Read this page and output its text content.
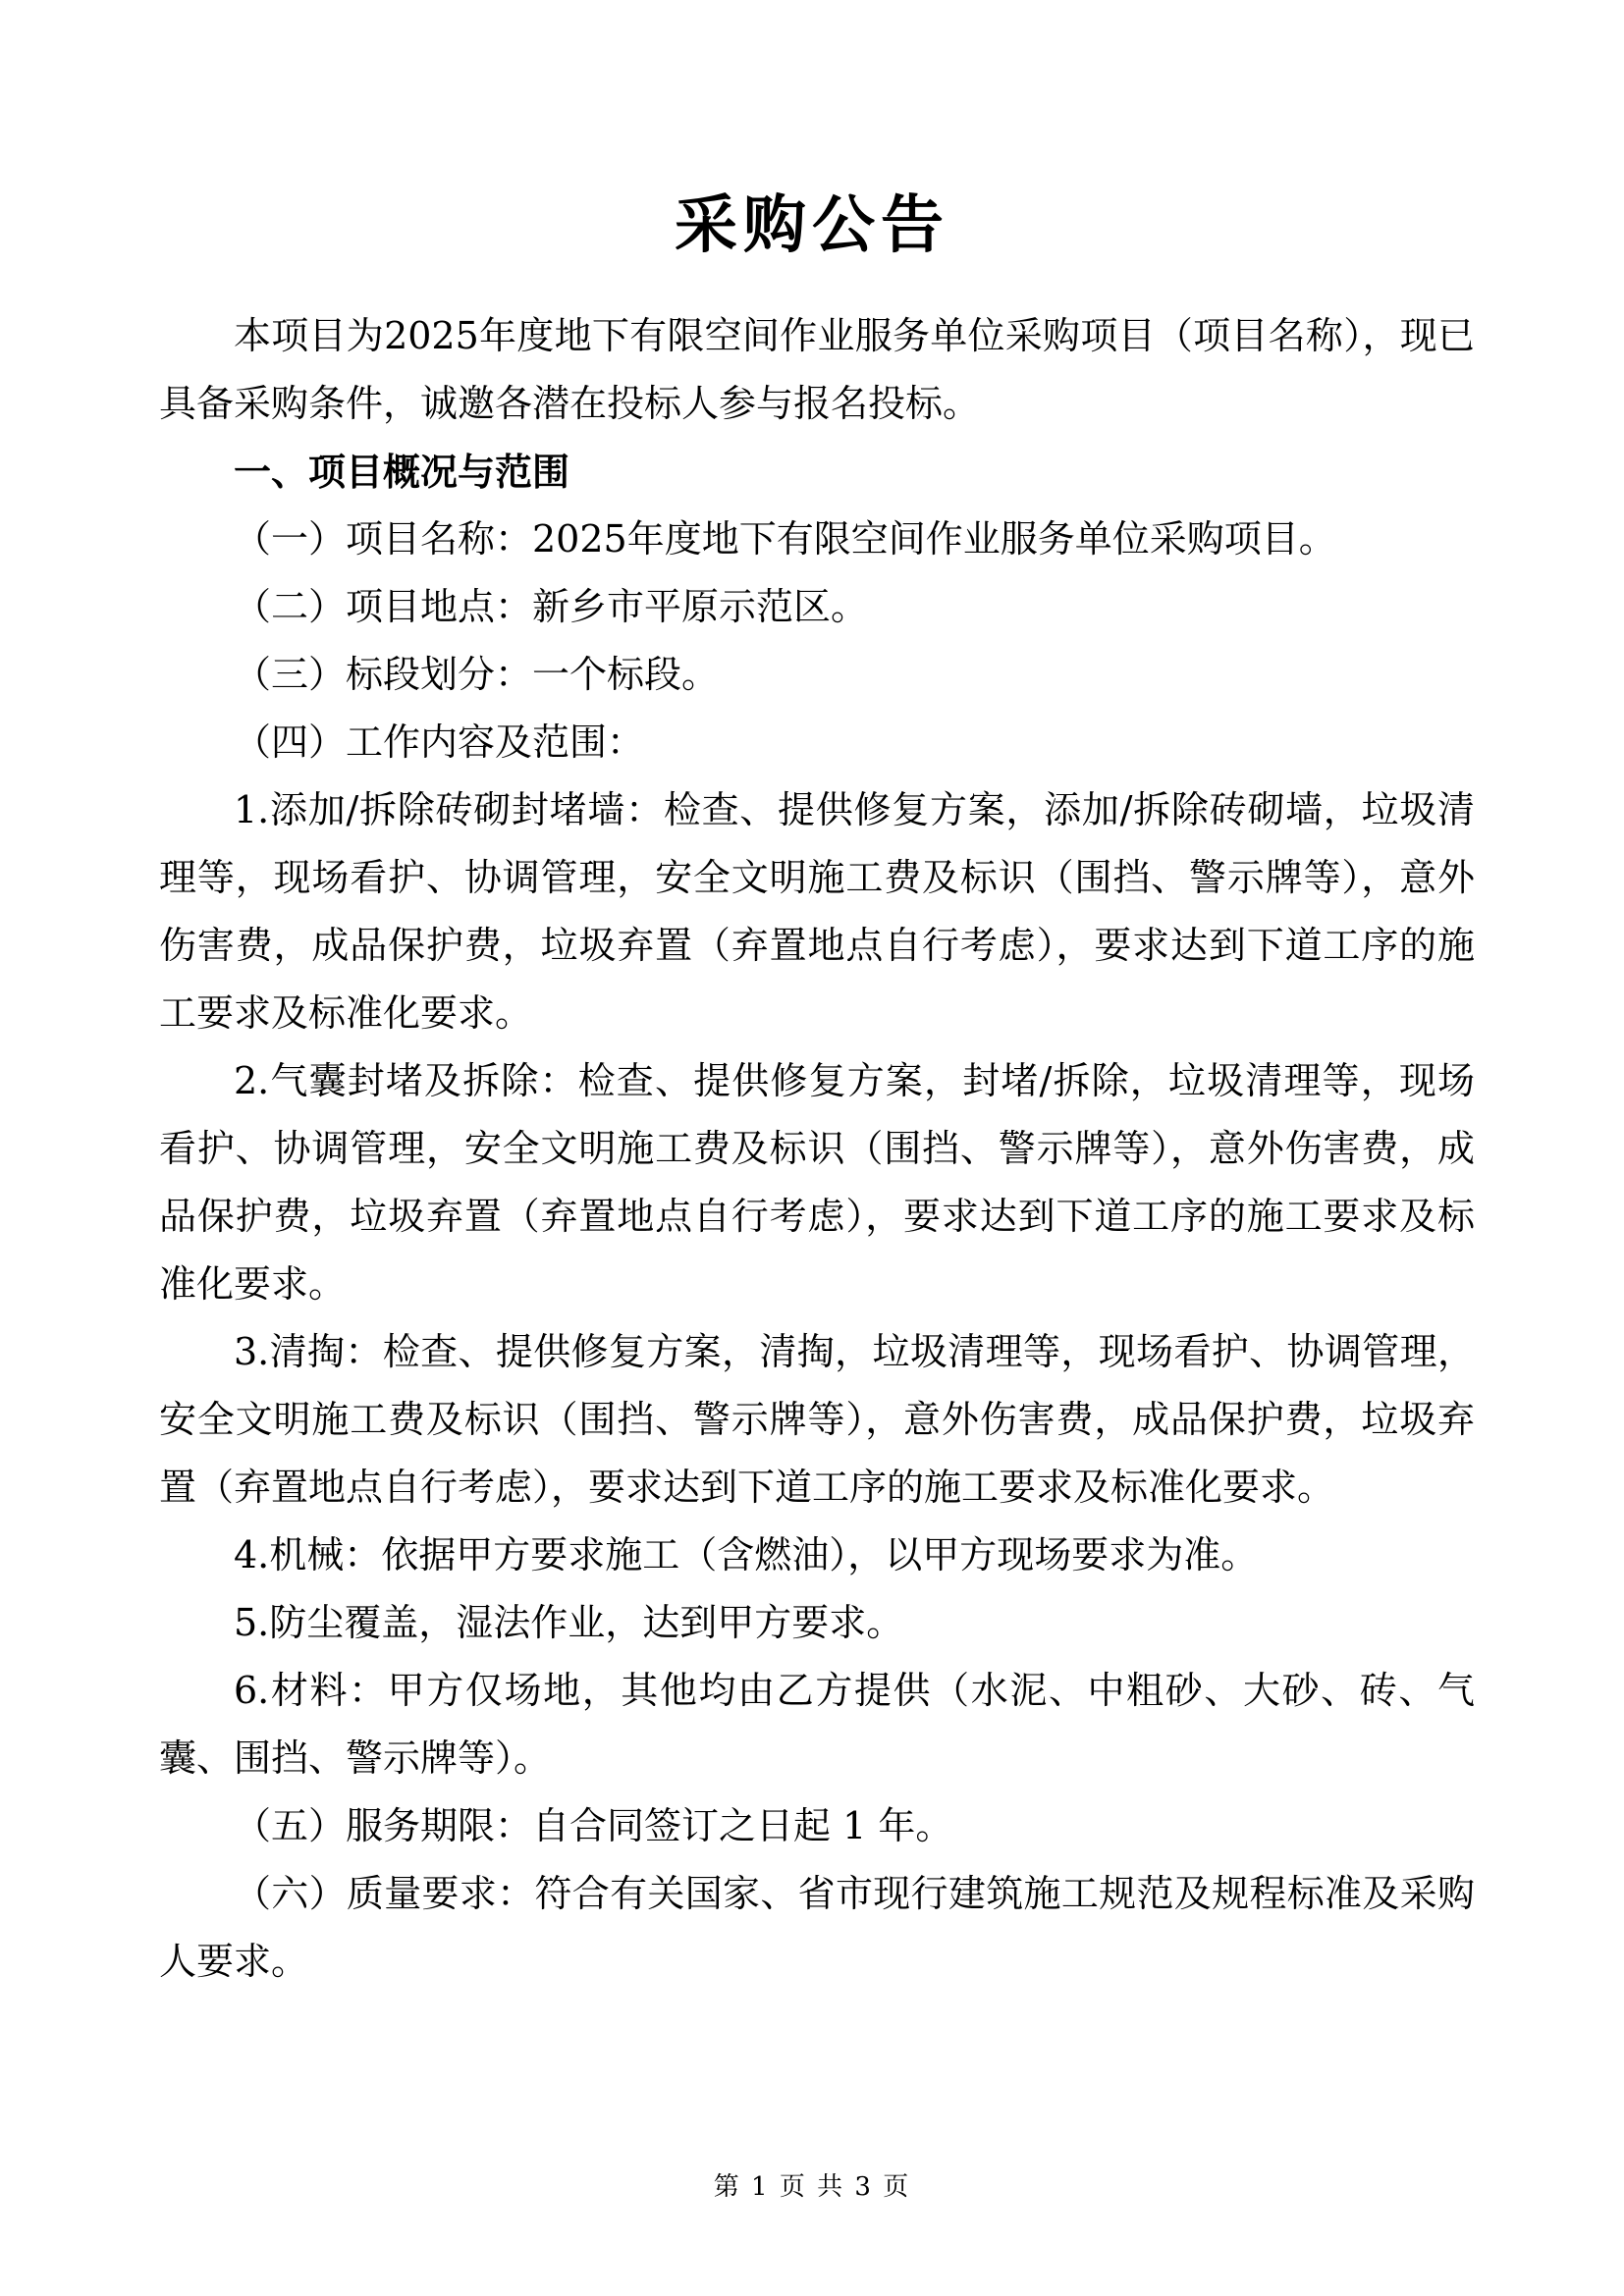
采购公告

本项目为2025年度地下有限空间作业服务单位采购项目（项目名称），现已具备采购条件，诚邀各潜在投标人参与报名投标。

一、项目概况与范围

（一）项目名称：2025年度地下有限空间作业服务单位采购项目。

（二）项目地点：新乡市平原示范区。

（三）标段划分：一个标段。

（四）工作内容及范围：

1.添加/拆除砖砌封堵墙：检查、提供修复方案，添加/拆除砖砌墙，垃圾清理等，现场看护、协调管理，安全文明施工费及标识（围挡、警示牌等），意外伤害费，成品保护费，垃圾弃置（弃置地点自行考虑），要求达到下道工序的施工要求及标准化要求。

2.气囊封堵及拆除：检查、提供修复方案，封堵/拆除，垃圾清理等，现场看护、协调管理，安全文明施工费及标识（围挡、警示牌等），意外伤害费，成品保护费，垃圾弃置（弃置地点自行考虑），要求达到下道工序的施工要求及标准化要求。

3.清掏：检查、提供修复方案，清掏，垃圾清理等，现场看护、协调管理，安全文明施工费及标识（围挡、警示牌等），意外伤害费，成品保护费，垃圾弃置（弃置地点自行考虑），要求达到下道工序的施工要求及标准化要求。

4.机械：依据甲方要求施工（含燃油），以甲方现场要求为准。

5.防尘覆盖，湿法作业，达到甲方要求。

6.材料：甲方仅场地，其他均由乙方提供（水泥、中粗砂、大砂、砖、气囊、围挡、警示牌等）。

（五）服务期限：自合同签订之日起 1 年。

（六）质量要求：符合有关国家、省市现行建筑施工规范及规程标准及采购人要求。

第 1 页 共 3 页
